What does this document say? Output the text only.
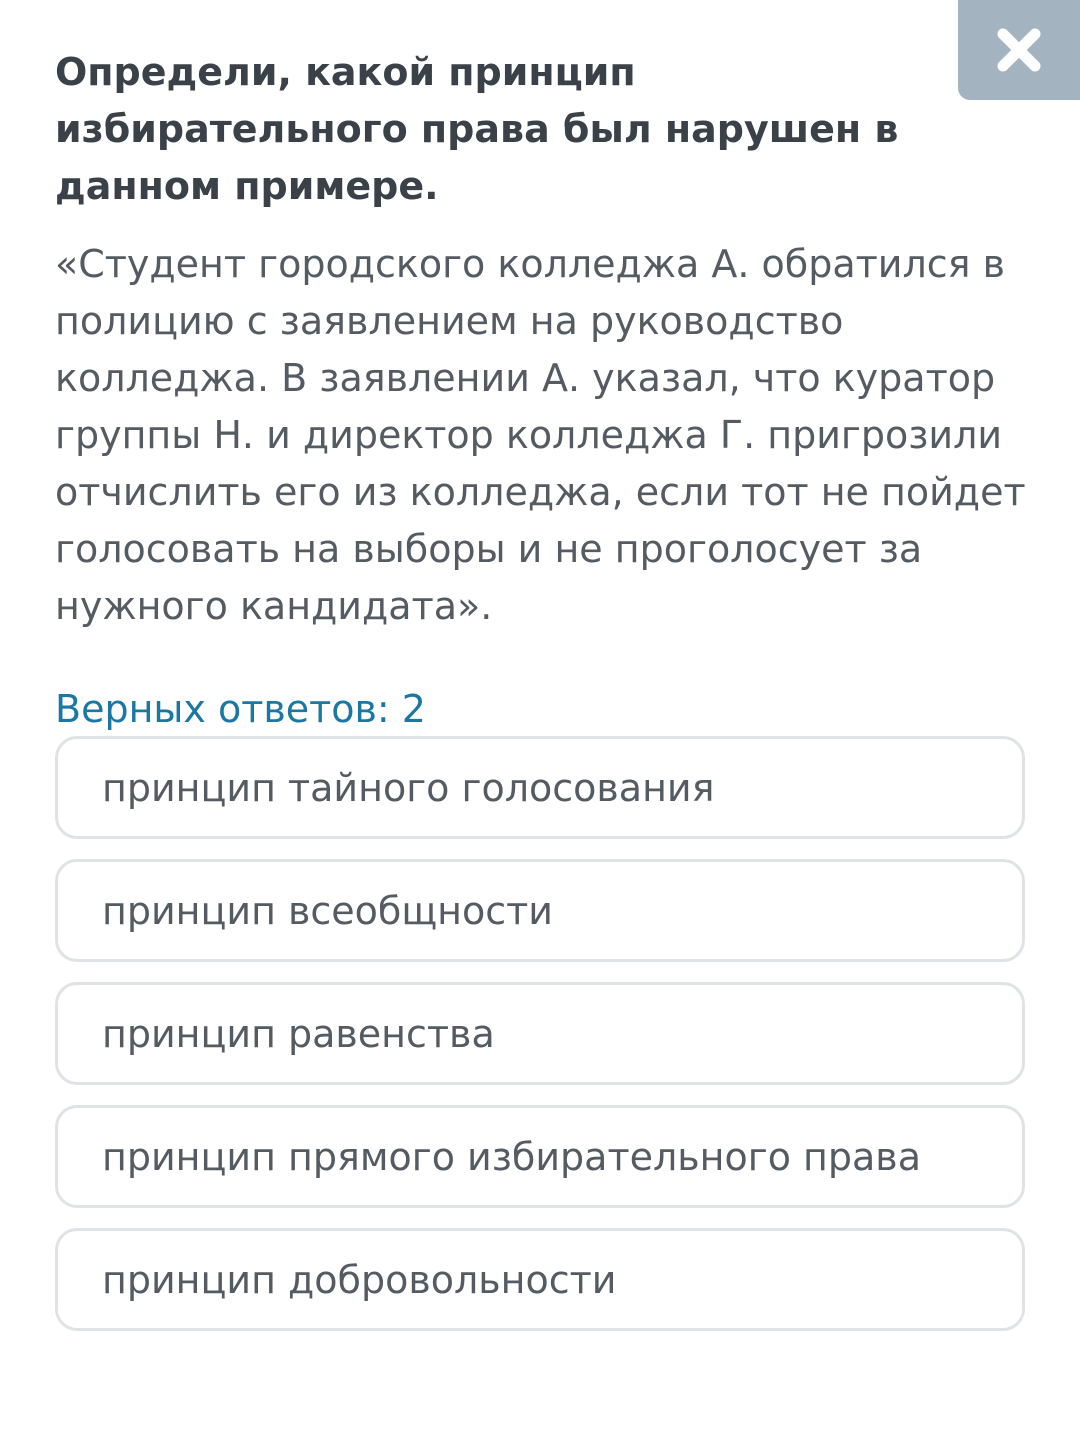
Определи, какой принцип избирательного права был нарушен в данном примере.

«Студент городского колледжа А. обратился в полицию с заявлением на руководство колледжа. В заявлении А. указал, что куратор группы Н. и директор колледжа Г. пригрозили отчислить его из колледжа, если тот не пойдет голосовать на выборы и не проголосует за нужного кандидата».

Верных ответов: 2
принцип тайного голосования
принцип всеобщности
принцип равенства
принцип прямого избирательного права
принцип добровольности
